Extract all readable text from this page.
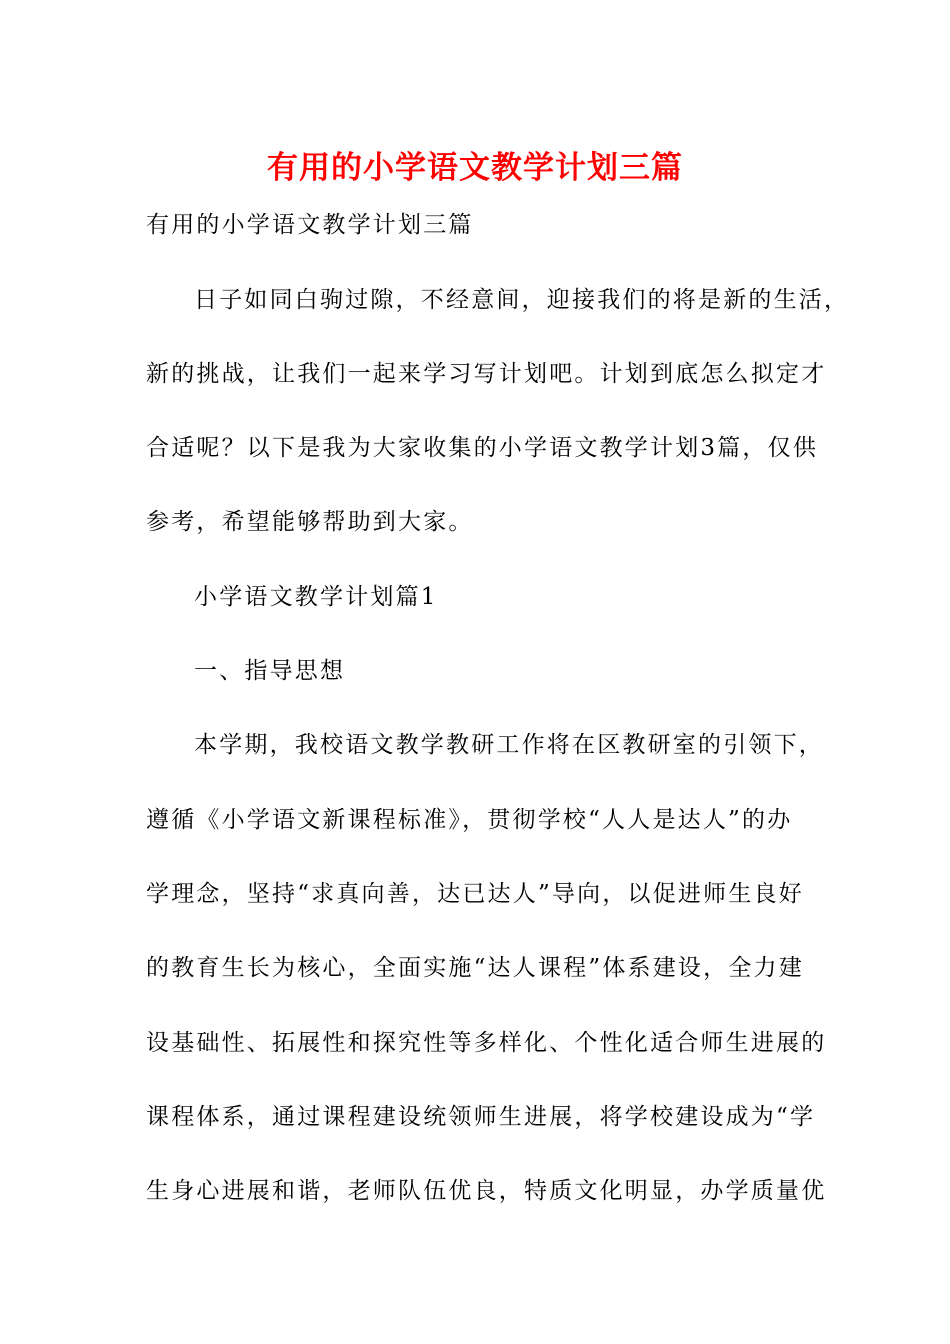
有用的小学语文教学计划三篇

有用的小学语文教学计划三篇

日子如同白驹过隙，不经意间，迎接我们的将是新的生活，

新的挑战，让我们一起来学习写计划吧。计划到底怎么拟定才

合适呢？以下是我为大家收集的小学语文教学计划3篇，仅供

参考，希望能够帮助到大家。

小学语文教学计划篇1

一、指导思想

本学期，我校语文教学教研工作将在区教研室的引领下，

遵循《小学语文新课程标准》，贯彻学校“人人是达人”的办

学理念，坚持“求真向善，达已达人”导向，以促进师生良好

的教育生长为核心，全面实施“达人课程”体系建设，全力建

设基础性、拓展性和探究性等多样化、个性化适合师生进展的

课程体系，通过课程建设统领师生进展，将学校建设成为“学

生身心进展和谐，老师队伍优良，特质文化明显，办学质量优
